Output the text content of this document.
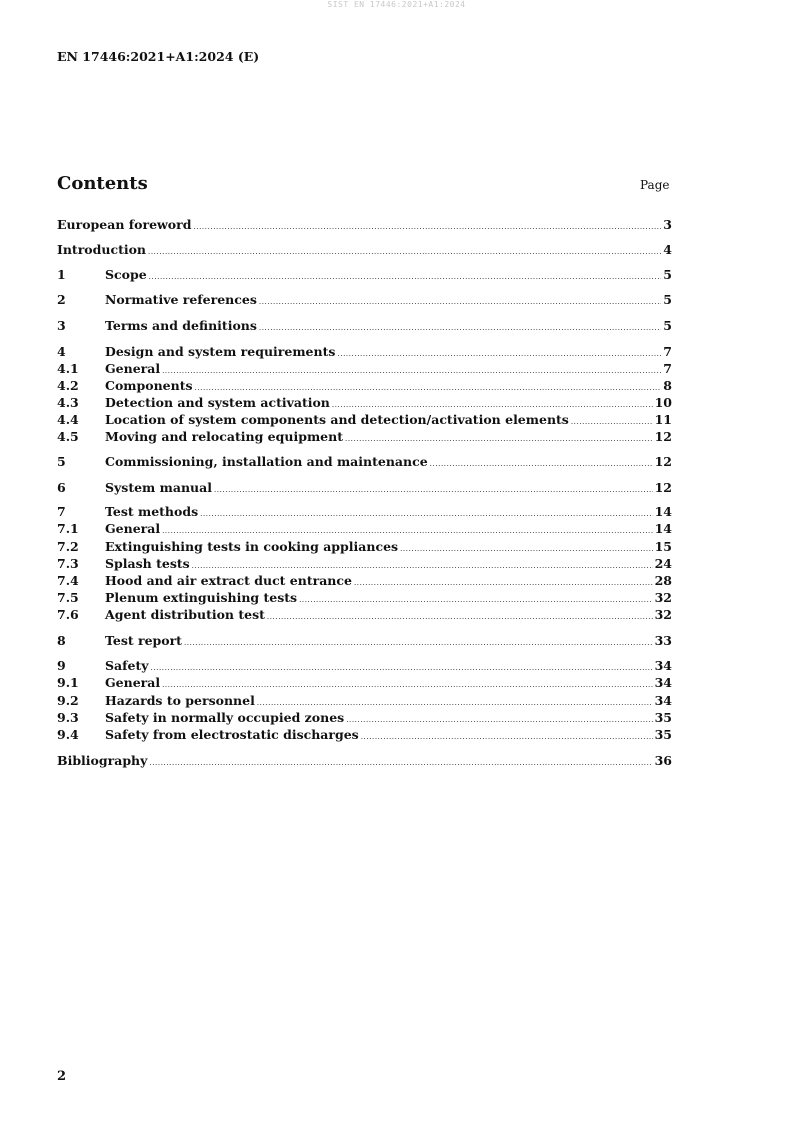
SIST EN 17446:2021+A1:2024
EN 17446:2021+A1:2024 (E)
Contents	Page
European foreword .....	3
Introduction .....	4
1	Scope .....	5
2	Normative references .....	5
3	Terms and definitions .....	5
4	Design and system requirements .....	7
4.1	General .....	7
4.2	Components .....	8
4.3	Detection and system activation .....	10
4.4	Location of system components and detection/activation elements .....	11
4.5	Moving and relocating equipment .....	12
5	Commissioning, installation and maintenance .....	12
6	System manual .....	12
7	Test methods .....	14
7.1	General .....	14
7.2	Extinguishing tests in cooking appliances .....	15
7.3	Splash tests .....	24
7.4	Hood and air extract duct entrance .....	28
7.5	Plenum extinguishing tests .....	32
7.6	Agent distribution test .....	32
8	Test report .....	33
9	Safety .....	34
9.1	General .....	34
9.2	Hazards to personnel .....	34
9.3	Safety in normally occupied zones .....	35
9.4	Safety from electrostatic discharges .....	35
Bibliography .....	36
2
